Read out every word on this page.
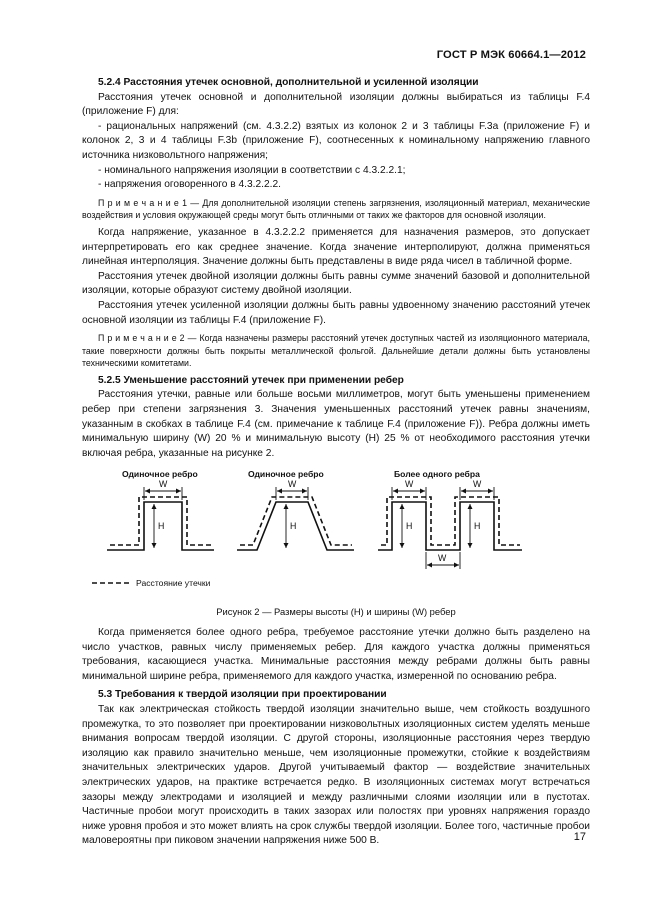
ГОСТ Р МЭК 60664.1—2012

5.2.4 Расстояния утечек основной, дополнительной и усиленной изоляции

Расстояния утечек основной и дополнительной изоляции должны выбираться из таблицы F.4 (приложение F) для:

- рациональных напряжений (см. 4.3.2.2) взятых из колонок 2 и 3 таблицы F.3a (приложение F) и колонок 2, 3 и 4 таблицы F.3b (приложение F), соотнесенных к номинальному напряжению главного источника низковольтного напряжения;

- номинального напряжения изоляции в соответствии с 4.3.2.2.1;

- напряжения оговоренного в 4.3.2.2.2.

П р и м е ч а н и е 1 — Для дополнительной изоляции степень загрязнения, изоляционный материал, механические воздействия и условия окружающей среды могут быть отличными от таких же факторов для основной изоляции.

Когда напряжение, указанное в 4.3.2.2.2 применяется для назначения размеров, это допускает интерпретировать его как среднее значение. Когда значение интерполируют, должна применяться линейная интерполяция. Значение должны быть представлены в виде ряда чисел в табличной форме.

Расстояния утечек двойной изоляции должны быть равны сумме значений базовой и дополнительной изоляции, которые образуют систему двойной изоляции.

Расстояния утечек усиленной изоляции должны быть равны удвоенному значению расстояний утечек основной изоляции из таблицы F.4 (приложение F).

П р и м е ч а н и е 2 — Когда назначены размеры расстояний утечек доступных частей из изоляционного материала, такие поверхности должны быть покрыты металлической фольгой. Дальнейшие детали должны быть установлены техническими комитетами.

5.2.5 Уменьшение расстояний утечек при применении ребер

Расстояния утечки, равные или больше восьми миллиметров, могут быть уменьшены применением ребер при степени загрязнения 3. Значения уменьшенных расстояний утечек равны значениям, указанным в скобках в таблице F.4 (см. примечание к таблице F.4 (приложение F)). Ребра должны иметь минимальную ширину (W) 20 % и минимальную высоту (H) 25 % от необходимого расстояния утечки включая ребра, указанные на рисунке 2.

Одиночное ребро	Одиночное ребро	Более одного ребра
W	W	W	W
W
H	H	H	H
Расстояние утечки

Рисунок 2 — Размеры высоты (H) и ширины (W) ребер

Когда применяется более одного ребра, требуемое расстояние утечки должно быть разделено на число участков, равных числу применяемых ребер. Для каждого участка должны применяться требования, касающиеся участка. Минимальные расстояния между ребрами должны быть равны минимальной ширине ребра, применяемого для каждого участка, измеренной по основанию ребра.

5.3 Требования к твердой изоляции при проектировании

Так как электрическая стойкость твердой изоляции значительно выше, чем стойкость воздушного промежутка, то это позволяет при проектировании низковольтных изоляционных систем уделять меньше внимания вопросам твердой изоляции. С другой стороны, изоляционные расстояния через твердую изоляцию как правило значительно меньше, чем изоляционные промежутки, стойкие к воздействиям значительных электрических ударов. Другой учитываемый фактор — воздействие значительных электрических ударов, на практике встречается редко. В изоляционных системах могут встречаться зазоры между электродами и изоляцией и между различными слоями изоляции или в пустотах. Частичные пробои могут происходить в таких зазорах или полостях при уровнях напряжения гораздо ниже уровня пробоя и это может влиять на срок службы твердой изоляции. Более того, частичные пробои маловероятны при пиковом значении напряжения ниже 500 В.	17
